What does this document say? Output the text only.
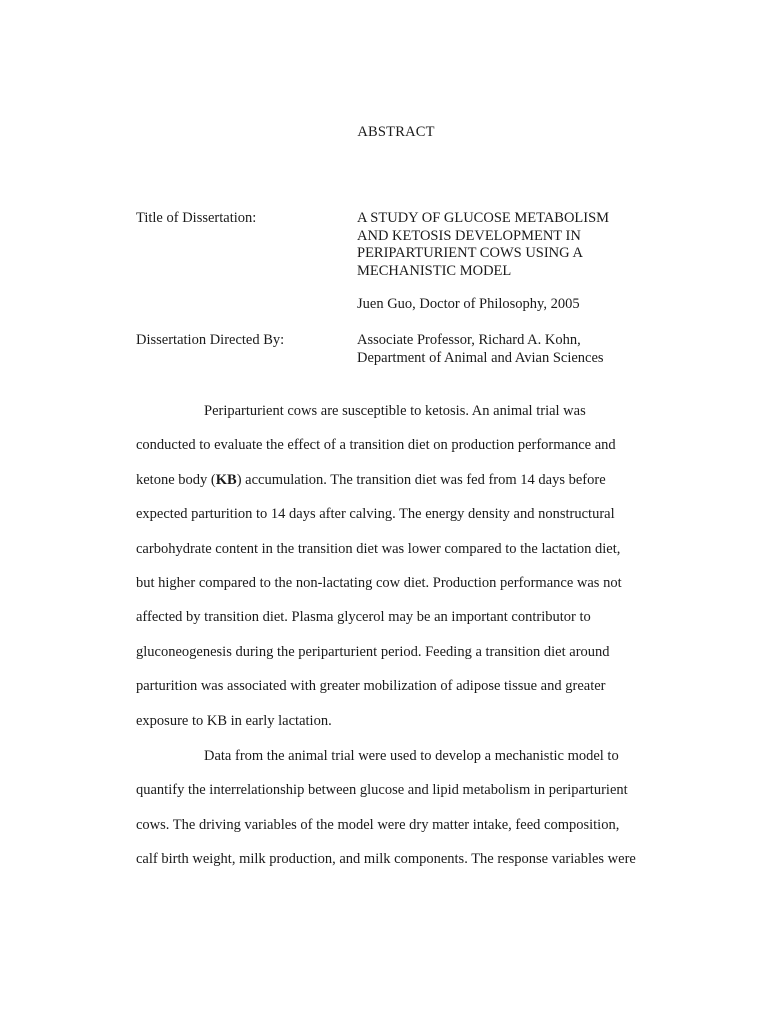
ABSTRACT
Title of Dissertation:	A STUDY OF GLUCOSE METABOLISM
AND KETOSIS DEVELOPMENT IN
PERIPARTURIENT COWS USING A
MECHANISTIC MODEL
Juen Guo, Doctor of Philosophy, 2005
Dissertation Directed By:	Associate Professor, Richard A. Kohn,
Department of Animal and Avian Sciences
Periparturient cows are susceptible to ketosis. An animal trial was
conducted to evaluate the effect of a transition diet on production performance and
ketone body (KB) accumulation. The transition diet was fed from 14 days before
expected parturition to 14 days after calving. The energy density and nonstructural
carbohydrate content in the transition diet was lower compared to the lactation diet,
but higher compared to the non-lactating cow diet. Production performance was not
affected by transition diet. Plasma glycerol may be an important contributor to
gluconeogenesis during the periparturient period. Feeding a transition diet around
parturition was associated with greater mobilization of adipose tissue and greater
exposure to KB in early lactation.
Data from the animal trial were used to develop a mechanistic model to
quantify the interrelationship between glucose and lipid metabolism in periparturient
cows. The driving variables of the model were dry matter intake, feed composition,
calf birth weight, milk production, and milk components. The response variables were
